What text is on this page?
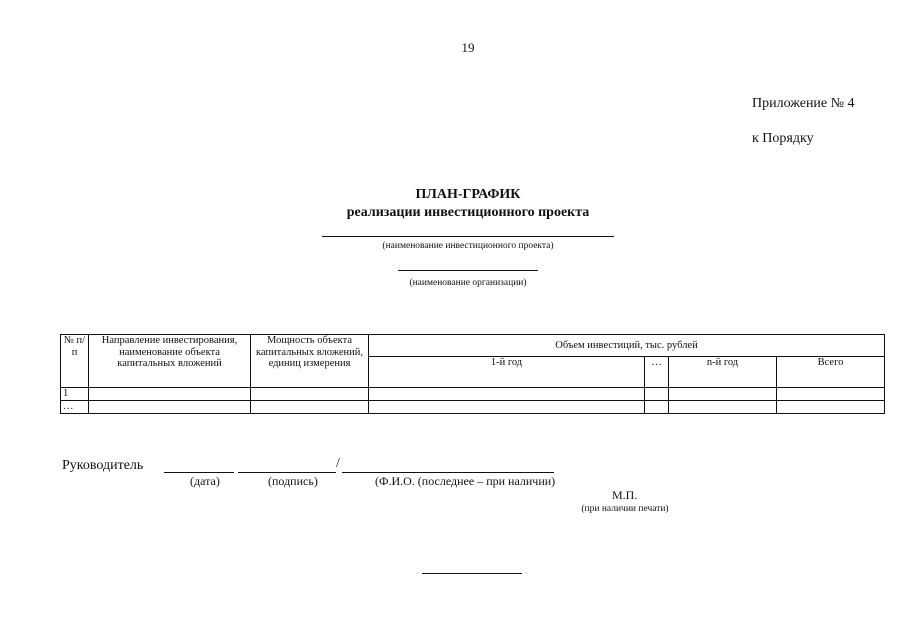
19
Приложение № 4
к Порядку
ПЛАН-ГРАФИК
реализации инвестиционного проекта
(наименование инвестиционного проекта)
(наименование организации)
№ п/п	Направление инвестирования, наименование объекта капитальных вложений	Мощность объекта капитальных вложений, единиц измерения	Объем инвестиций, тыс. рублей			
			1-й год	…	n-й год	Всего
1						
…						
Руководитель	/
(дата)	(подпись)	(Ф.И.О. (последнее – при наличии)
М.П.
(при наличии печати)
